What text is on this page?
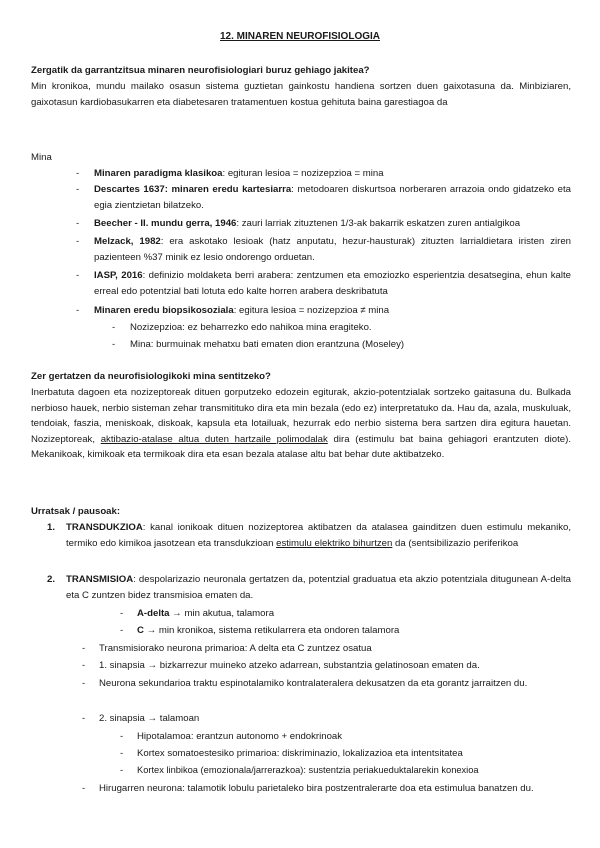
12. MINAREN NEUROFISIOLOGIA
Zergatik da garrantzitsua minaren neurofisiologiari buruz gehiago jakitea?
Min kronikoa, mundu mailako osasun sistema guztietan gainkostu handiena sortzen duen gaixotasuna da. Minbiziaren, gaixotasun kardiobasukarren eta diabetesaren tratamentuen kostua gehituta baina garestiagoa da
Mina
- Minaren paradigma klasikoa: egituran lesioa = nozizepzioa = mina
- Descartes 1637: minaren eredu kartesiarra: metodoaren diskurtsoa norberaren arrazoia ondo gidatzeko eta egia zientzietan bilatzeko.
- Beecher - II. mundu gerra, 1946: zauri larriak zituztenen 1/3-ak bakarrik eskatzen zuren antialgikoa
- Melzack, 1982: era askotako lesioak (hatz anputatu, hezur-hausturak) zituzten larrialdietara iristen ziren pazienteen %37 minik ez lesio ondorengo orduetan.
- IASP, 2016: definizio moldaketa berri arabera: zentzumen eta emoziozko esperientzia desatsegina, ehun kalte erreal edo potentzial bati lotuta edo kalte horren arabera deskribatuta
- Minaren eredu biopsikosoziala: egitura lesioa = nozizepzioa ≠ mina
- Nozizepzioa: ez beharrezko edo nahikoa mina eragiteko.
- Mina: burmuinak mehatxu bati ematen dion erantzuna (Moseley)
Zer gertatzen da neurofisiologikoki mina sentitzeko?
Inerbatuta dagoen eta nozizeptoreak dituen gorputzeko edozein egiturak, akzio-potentzialak sortzeko gaitasuna du. Bulkada nerbioso hauek, nerbio sisteman zehar transmitituko dira eta min bezala (edo ez) interpretatuko da. Hau da, azala, muskuluak, tendoiak, faszia, meniskoak, diskoak, kapsula eta lotailuak, hezurrak edo nerbio sistema bera sartzen dira egitura hauetan. Nozizeptoreak, aktibazio-atalase altua duten hartzaile polimodalak dira (estimulu bat baina gehiagori erantzuten diote). Mekanikoak, kimikoak eta termikoak dira eta esan bezala atalase altu bat behar dute aktibatzeko.
Urratsak / pausoak:
1. TRANSDUKZIOA: kanal ionikoak dituen nozizeptorea aktibatzen da atalasea gainditzen duen estimulu mekaniko, termiko edo kimikoa jasotzean eta transdukzioan estimulu elektriko bihurtzen da (sentsibilizazio periferikoa
2. TRANSMISIOA: despolarizazio neuronala gertatzen da, potentzial graduatua eta akzio potentziala ditugunean A-delta eta C zuntzen bidez transmisioa ematen da.
- A-delta → min akutua, talamora
- C → min kronikoa, sistema retikularrera eta ondoren talamora
- Transmisiorako neurona primarioa: A delta eta C zuntzez osatua
- 1. sinapsia → bizkarrezur muineko atzeko adarrean, substantzia gelatinosoan ematen da.
- Neurona sekundarioa traktu espinotalamiko kontralateralera dekusatzen da eta gorantz jarraitzen du.
- 2. sinapsia → talamoan
- Hipotalamoa: erantzun autonomo + endokrinoak
- Kortex somatoestesiko primarioa: diskriminazio, lokalizazioa eta intentsitatea
- Kortex linbikoa (emozionala/jarrerazkoa): sustentzia periakueduktalarekin konexioa
- Hirugarren neurona: talamotik lobulu parietaleko bira postzentralerarte doa eta estimulua banatzen du.
